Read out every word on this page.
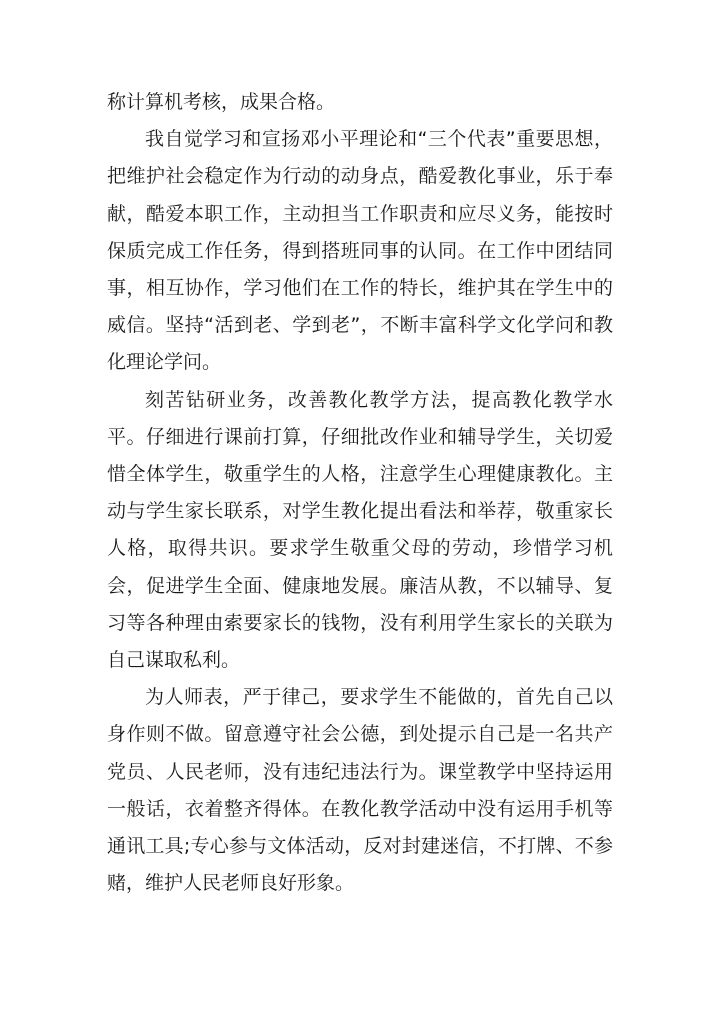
称计算机考核，成果合格。

我自觉学习和宣扬邓小平理论和“三个代表”重要思想，把维护社会稳定作为行动的动身点，酷爱教化事业，乐于奉献，酷爱本职工作，主动担当工作职责和应尽义务，能按时保质完成工作任务，得到搭班同事的认同。在工作中团结同事，相互协作，学习他们在工作的特长，维护其在学生中的威信。坚持“活到老、学到老”，不断丰富科学文化学问和教化理论学问。

刻苦钻研业务，改善教化教学方法，提高教化教学水平。仔细进行课前打算，仔细批改作业和辅导学生，关切爱惜全体学生，敬重学生的人格，注意学生心理健康教化。主动与学生家长联系，对学生教化提出看法和举荐，敬重家长人格，取得共识。要求学生敬重父母的劳动，珍惜学习机会，促进学生全面、健康地发展。廉洁从教，不以辅导、复习等各种理由索要家长的钱物，没有利用学生家长的关联为自己谋取私利。

为人师表，严于律己，要求学生不能做的，首先自己以身作则不做。留意遵守社会公德，到处提示自己是一名共产党员、人民老师，没有违纪违法行为。课堂教学中坚持运用一般话，衣着整齐得体。在教化教学活动中没有运用手机等通讯工具;专心参与文体活动，反对封建迷信，不打牌、不参赌，维护人民老师良好形象。
